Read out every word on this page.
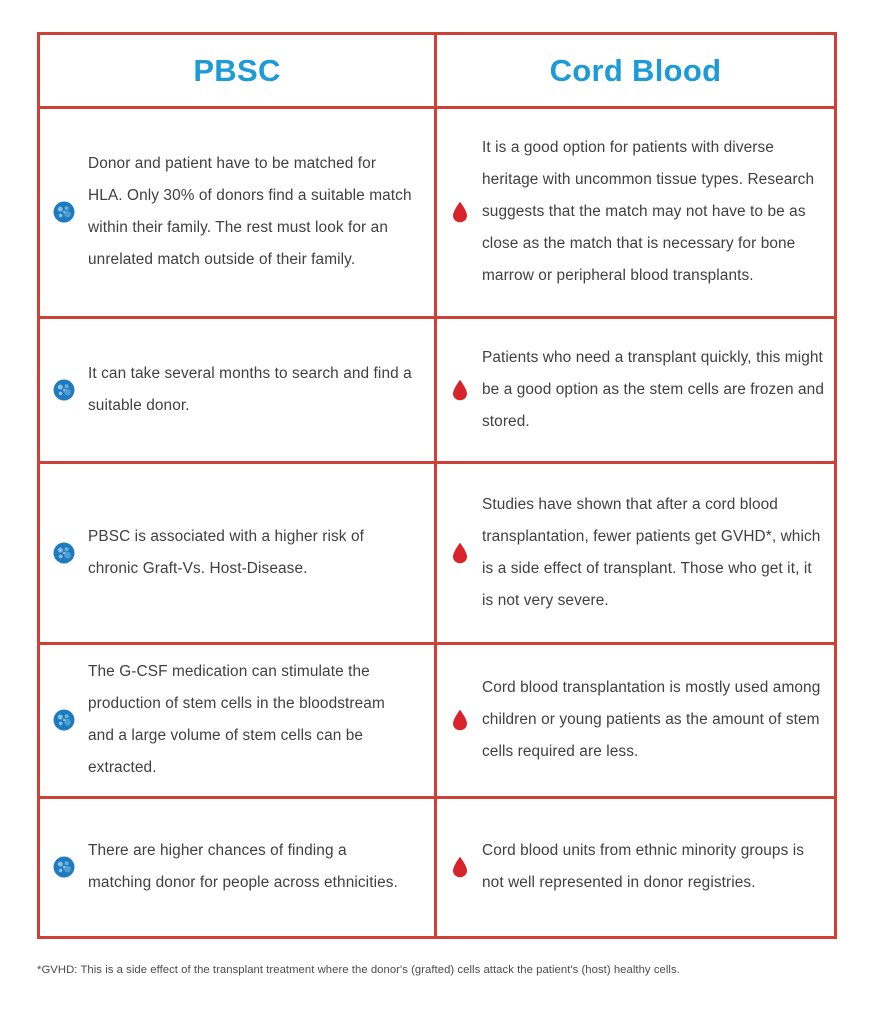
PBSC	Cord Blood
Donor and patient have to be matched for HLA. Only 30% of donors find a suitable match within their family. The rest must look for an unrelated match outside of their family.
It is a good option for patients with diverse heritage with uncommon tissue types. Research suggests that the match may not have to be as close as the match that is necessary for bone marrow or peripheral blood transplants.
It can take several months to search and find a suitable donor.
Patients who need a transplant quickly, this might be a good option as the stem cells are frozen and stored.
PBSC is associated with a higher risk of chronic Graft-Vs. Host-Disease.
Studies have shown that after a cord blood transplantation, fewer patients get GVHD*, which is a side effect of transplant. Those who get it, it is not very severe.
The G-CSF medication can stimulate the production of stem cells in the bloodstream and a large volume of stem cells can be extracted.
Cord blood transplantation is mostly used among children or young patients as the amount of stem cells required are less.
There are higher chances of finding a matching donor for people across ethnicities.
Cord blood units from ethnic minority groups is not well represented in donor registries.
*GVHD: This is a side effect of the transplant treatment where the donor's (grafted) cells attack the patient's (host) healthy cells.
